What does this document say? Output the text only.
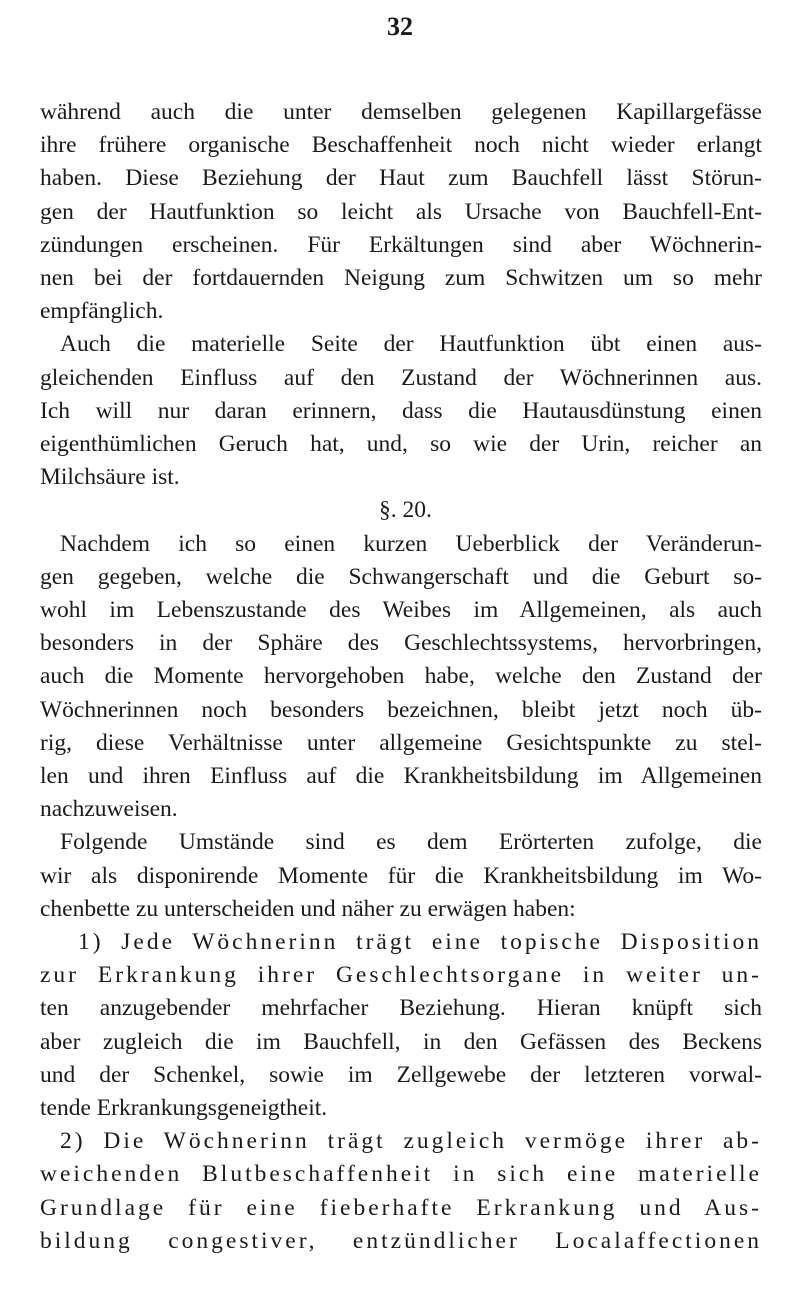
32
während auch die unter demselben gelegenen Kapillargefässe
ihre frühere organische Beschaffenheit noch nicht wieder erlangt
haben. Diese Beziehung der Haut zum Bauchfell lässt Störun-
gen der Hautfunktion so leicht als Ursache von Bauchfell-Ent-
zündungen erscheinen. Für Erkältungen sind aber Wöchnerin-
nen bei der fortdauernden Neigung zum Schwitzen um so mehr
empfänglich.
Auch die materielle Seite der Hautfunktion übt einen aus-
gleichenden Einfluss auf den Zustand der Wöchnerinnen aus.
Ich will nur daran erinnern, dass die Hautausdünstung einen
eigenthümlichen Geruch hat, und, so wie der Urin, reicher an
Milchsäure ist.
§. 20.
Nachdem ich so einen kurzen Ueberblick der Veränderun-
gen gegeben, welche die Schwangerschaft und die Geburt so-
wohl im Lebenszustande des Weibes im Allgemeinen, als auch
besonders in der Sphäre des Geschlechtssystems, hervorbringen,
auch die Momente hervorgehoben habe, welche den Zustand der
Wöchnerinnen noch besonders bezeichnen, bleibt jetzt noch üb-
rig, diese Verhältnisse unter allgemeine Gesichtspunkte zu stel-
len und ihren Einfluss auf die Krankheitsbildung im Allgemeinen
nachzuweisen.
Folgende Umstände sind es dem Erörterten zufolge, die
wir als disponirende Momente für die Krankheitsbildung im Wo-
chenbette zu unterscheiden und näher zu erwägen haben:
1) Jede Wöchnerinn trägt eine topische Disposition
zur Erkrankung ihrer Geschlechtsorgane in weiter un-
ten anzugebender mehrfacher Beziehung. Hieran knüpft sich
aber zugleich die im Bauchfell, in den Gefässen des Beckens
und der Schenkel, sowie im Zellgewebe der letzteren vorwal-
tende Erkrankungsgeneigtheit.
2) Die Wöchnerinn trägt zugleich vermöge ihrer ab-
weichenden Blutbeschaffenheit in sich eine materielle
Grundlage für eine fieberhafte Erkrankung und Aus-
bildung congestiver, entzündlicher Localaffectionen
